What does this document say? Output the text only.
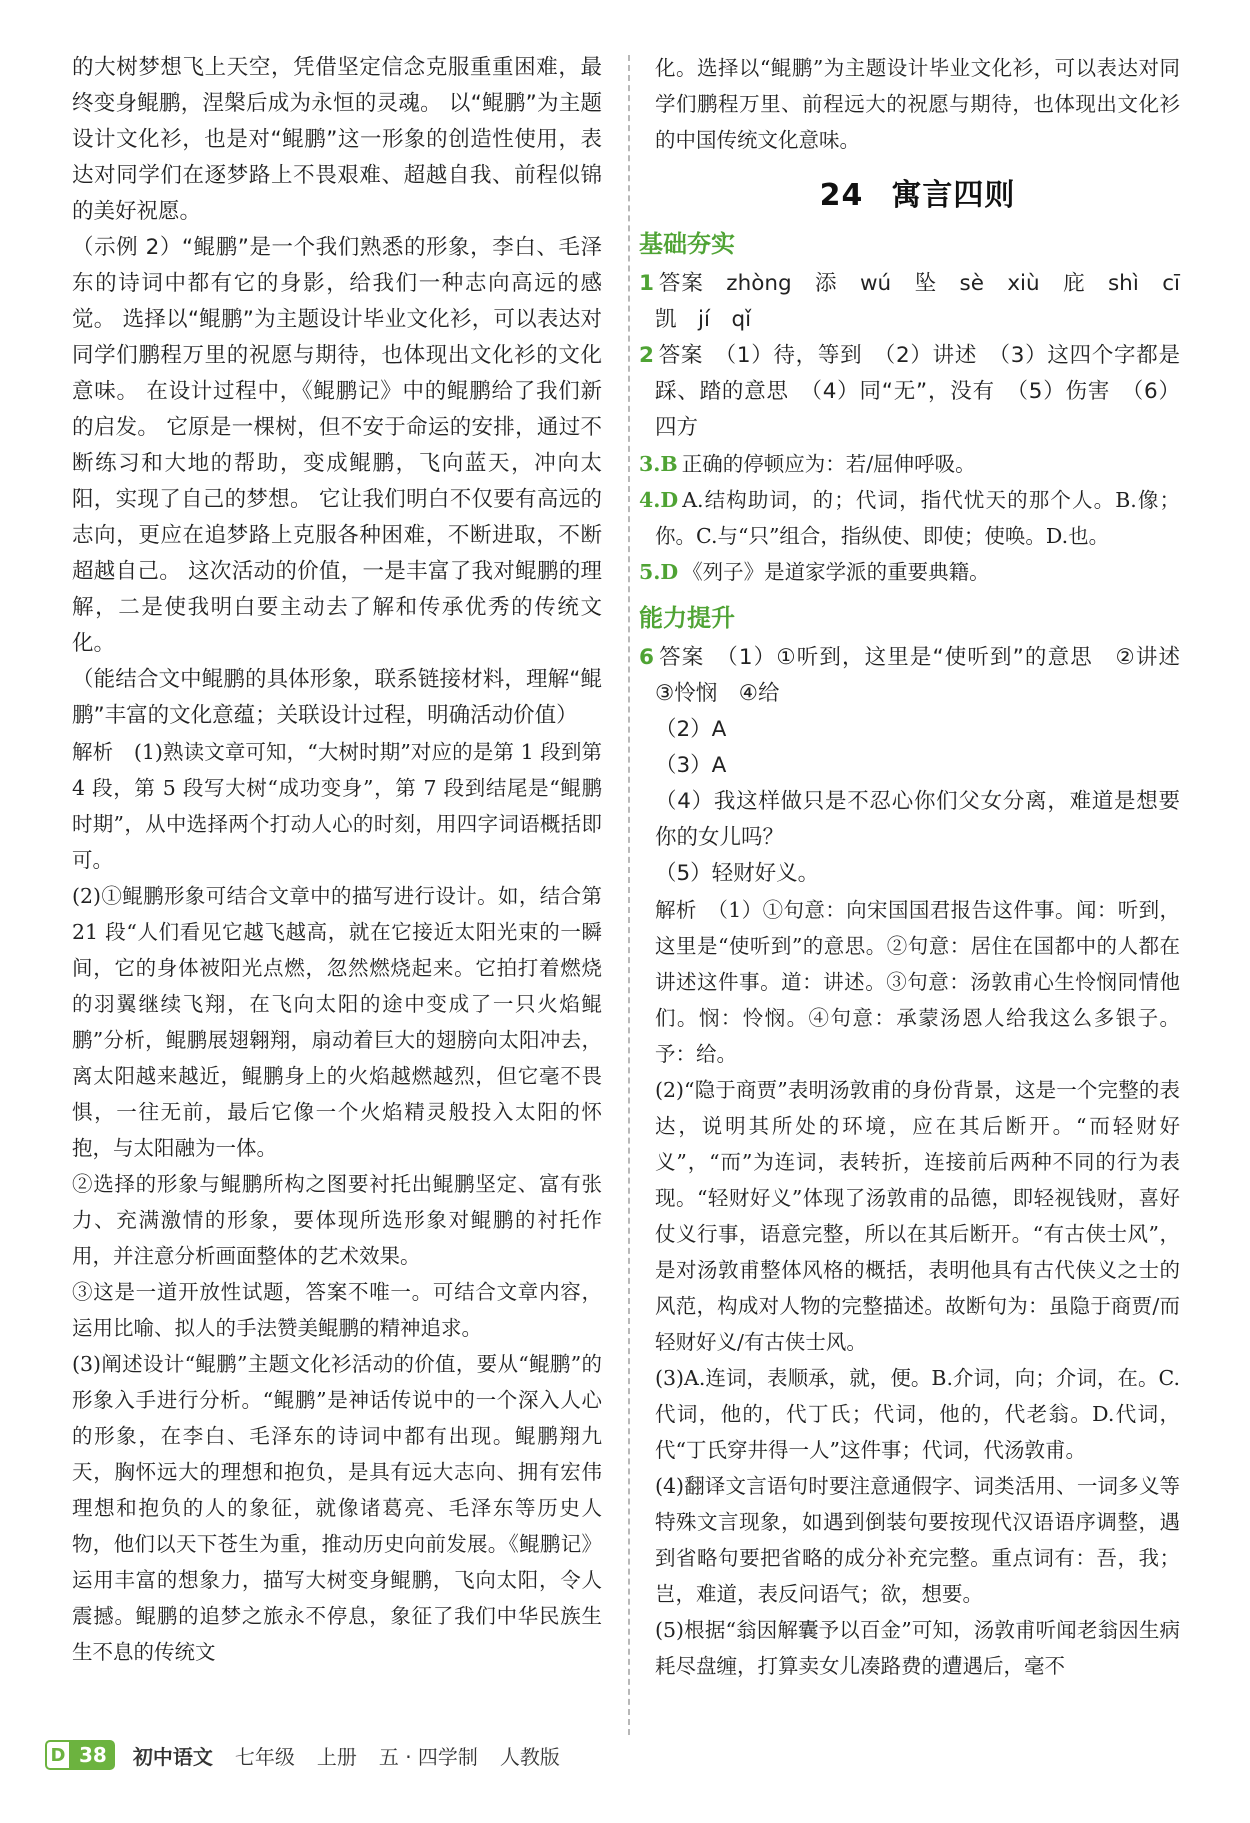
的大树梦想飞上天空，凭借坚定信念克服重重困难，最终变身鲲鹏，涅槃后成为永恒的灵魂。 以“鲲鹏”为主题设计文化衫，也是对“鲲鹏”这一形象的创造性使用，表达对同学们在逐梦路上不畏艰难、超越自我、前程似锦的美好祝愿。

（示例 2）“鲲鹏”是一个我们熟悉的形象，李白、毛泽东的诗词中都有它的身影，给我们一种志向高远的感觉。 选择以“鲲鹏”为主题设计毕业文化衫，可以表达对同学们鹏程万里的祝愿与期待，也体现出文化衫的文化意味。 在设计过程中，《鲲鹏记》中的鲲鹏给了我们新的启发。 它原是一棵树，但不安于命运的安排，通过不断练习和大地的帮助，变成鲲鹏，飞向蓝天，冲向太阳，实现了自己的梦想。 它让我们明白不仅要有高远的志向，更应在追梦路上克服各种困难，不断进取，不断超越自己。 这次活动的价值，一是丰富了我对鲲鹏的理解，二是使我明白要主动去了解和传承优秀的传统文化。

（能结合文中鲲鹏的具体形象，联系链接材料，理解“鲲鹏”丰富的文化意蕴；关联设计过程，明确活动价值）

解析　(1)熟读文章可知，“大树时期”对应的是第 1 段到第 4 段，第 5 段写大树“成功变身”，第 7 段到结尾是“鲲鹏时期”，从中选择两个打动人心的时刻，用四字词语概括即可。

(2)①鲲鹏形象可结合文章中的描写进行设计。如，结合第 21 段“人们看见它越飞越高，就在它接近太阳光束的一瞬间，它的身体被阳光点燃，忽然燃烧起来。它拍打着燃烧的羽翼继续飞翔，在飞向太阳的途中变成了一只火焰鲲鹏”分析，鲲鹏展翅翱翔，扇动着巨大的翅膀向太阳冲去，离太阳越来越近，鲲鹏身上的火焰越燃越烈，但它毫不畏惧，一往无前，最后它像一个火焰精灵般投入太阳的怀抱，与太阳融为一体。

②选择的形象与鲲鹏所构之图要衬托出鲲鹏坚定、富有张力、充满激情的形象，要体现所选形象对鲲鹏的衬托作用，并注意分析画面整体的艺术效果。

③这是一道开放性试题，答案不唯一。可结合文章内容，运用比喻、拟人的手法赞美鲲鹏的精神追求。

(3)阐述设计“鲲鹏”主题文化衫活动的价值，要从“鲲鹏”的形象入手进行分析。“鲲鹏”是神话传说中的一个深入人心的形象，在李白、毛泽东的诗词中都有出现。鲲鹏翔九天，胸怀远大的理想和抱负，是具有远大志向、拥有宏伟理想和抱负的人的象征，就像诸葛亮、毛泽东等历史人物，他们以天下苍生为重，推动历史向前发展。《鲲鹏记》运用丰富的想象力，描写大树变身鲲鹏，飞向太阳，令人震撼。鲲鹏的追梦之旅永不停息，象征了我们中华民族生生不息的传统文

化。选择以“鲲鹏”为主题设计毕业文化衫，可以表达对同学们鹏程万里、前程远大的祝愿与期待，也体现出文化衫的中国传统文化意味。

24 寓言四则
基础夯实

1 答案　zhòng　添　wú　坠　sè　xiù　庇　shì　cī　凯　jí　qǐ

2 答案　（1）待，等到　（2）讲述　（3）这四个字都是踩、踏的意思　（4）同“无”，没有　（5）伤害　（6）四方

3.B 正确的停顿应为：若/屈伸呼吸。

4.D A.结构助词，的；代词，指代忧天的那个人。B.像；你。C.与“只”组合，指纵使、即使；使唤。D.也。

5.D 《列子》是道家学派的重要典籍。

能力提升

6 答案　（1）①听到，这里是“使听到”的意思　②讲述　③怜悯　④给

（2）A

（3）A

（4）我这样做只是不忍心你们父女分离，难道是想要你的女儿吗？

（5）轻财好义。

解析　（1）①句意：向宋国国君报告这件事。闻：听到，这里是“使听到”的意思。②句意：居住在国都中的人都在讲述这件事。道：讲述。③句意：汤敦甫心生怜悯同情他们。悯：怜悯。④句意：承蒙汤恩人给我这么多银子。予：给。

(2)“隐于商贾”表明汤敦甫的身份背景，这是一个完整的表达，说明其所处的环境，应在其后断开。“而轻财好义”，“而”为连词，表转折，连接前后两种不同的行为表现。“轻财好义”体现了汤敦甫的品德，即轻视钱财，喜好仗义行事，语意完整，所以在其后断开。“有古侠士风”，是对汤敦甫整体风格的概括，表明他具有古代侠义之士的风范，构成对人物的完整描述。故断句为：虽隐于商贾/而轻财好义/有古侠士风。

(3)A.连词，表顺承，就，便。B.介词，向；介词，在。C.代词，他的，代丁氏；代词，他的，代老翁。D.代词，代“丁氏穿井得一人”这件事；代词，代汤敦甫。

(4)翻译文言语句时要注意通假字、词类活用、一词多义等特殊文言现象，如遇到倒装句要按现代汉语语序调整，遇到省略句要把省略的成分补充完整。重点词有：吾，我；岂，难道，表反问语气；欲，想要。

(5)根据“翁因解囊予以百金”可知，汤敦甫听闻老翁因生病耗尽盘缠，打算卖女儿凑路费的遭遇后，毫不

D 38	初中语文 七年级 上册 五 · 四学制 人教版
